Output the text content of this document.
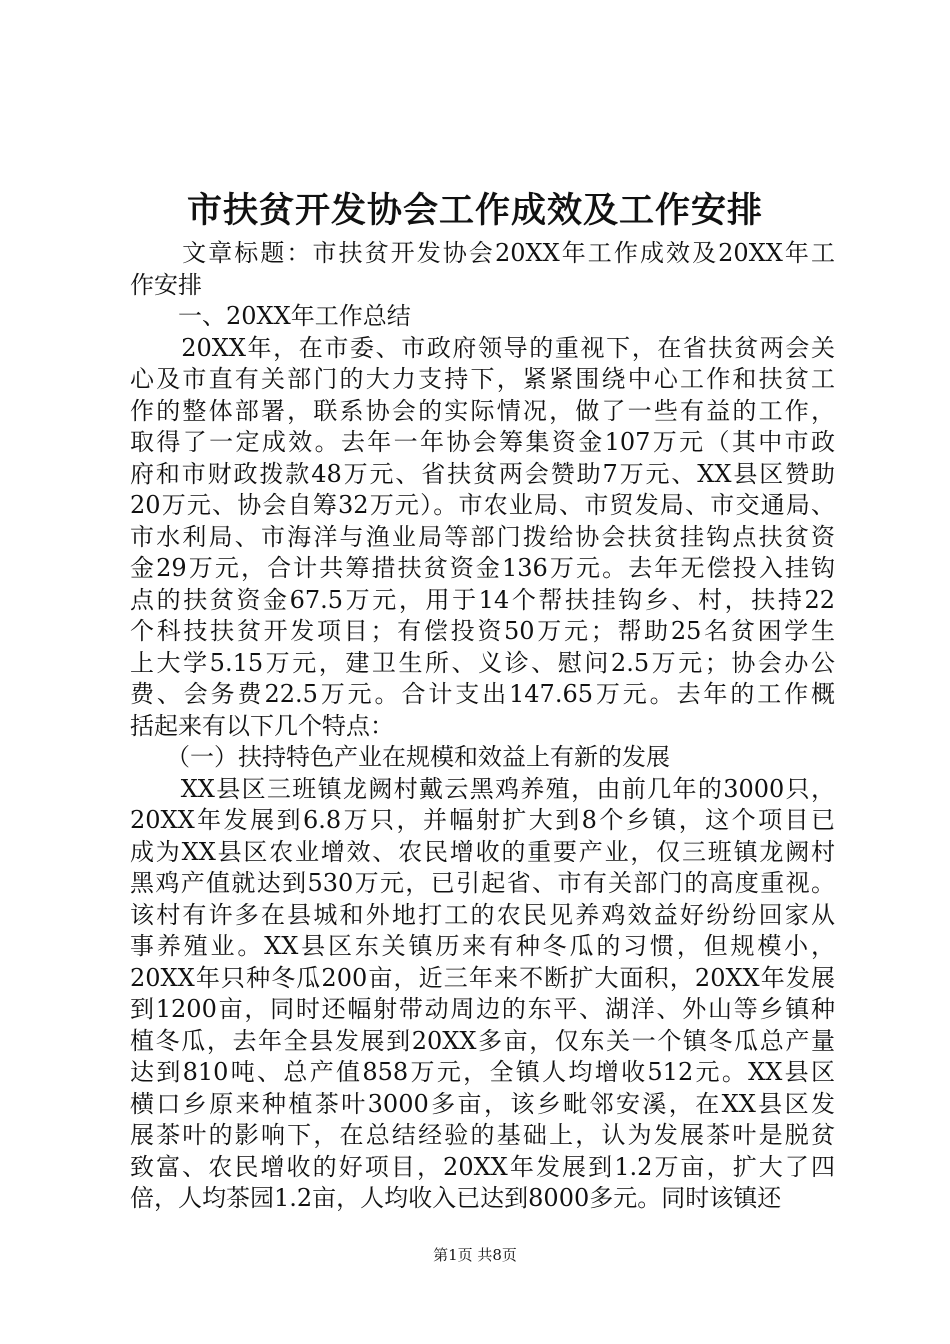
市扶贫开发协会工作成效及工作安排
　　文章标题：市扶贫开发协会20XX年工作成效及20XX年工
作安排
　　一、20XX年工作总结
　　20XX年，在市委、市政府领导的重视下，在省扶贫两会关
心及市直有关部门的大力支持下，紧紧围绕中心工作和扶贫工
作的整体部署，联系协会的实际情况，做了一些有益的工作，
取得了一定成效。去年一年协会筹集资金107万元（其中市政
府和市财政拨款48万元、省扶贫两会赞助7万元、XX县区赞助
20万元、协会自筹32万元）。市农业局、市贸发局、市交通局、
市水利局、市海洋与渔业局等部门拨给协会扶贫挂钩点扶贫资
金29万元，合计共筹措扶贫资金136万元。去年无偿投入挂钩
点的扶贫资金67.5万元，用于14个帮扶挂钩乡、村，扶持22
个科技扶贫开发项目；有偿投资50万元；帮助25名贫困学生
上大学5.15万元，建卫生所、义诊、慰问2.5万元；协会办公
费、会务费22.5万元。合计支出147.65万元。去年的工作概
括起来有以下几个特点：
　　（一）扶持特色产业在规模和效益上有新的发展
　　XX县区三班镇龙阙村戴云黑鸡养殖，由前几年的3000只，
20XX年发展到6.8万只，并幅射扩大到8个乡镇，这个项目已
成为XX县区农业增效、农民增收的重要产业，仅三班镇龙阙村
黑鸡产值就达到530万元，已引起省、市有关部门的高度重视。
该村有许多在县城和外地打工的农民见养鸡效益好纷纷回家从
事养殖业。XX县区东关镇历来有种冬瓜的习惯，但规模小，
20XX年只种冬瓜200亩，近三年来不断扩大面积，20XX年发展
到1200亩，同时还幅射带动周边的东平、湖洋、外山等乡镇种
植冬瓜，去年全县发展到20XX多亩，仅东关一个镇冬瓜总产量
达到810吨、总产值858万元，全镇人均增收512元。XX县区
横口乡原来种植茶叶3000多亩，该乡毗邻安溪，在XX县区发
展茶叶的影响下，在总结经验的基础上，认为发展茶叶是脱贫
致富、农民增收的好项目，20XX年发展到1.2万亩，扩大了四
倍，人均茶园1.2亩，人均收入已达到8000多元。同时该镇还
第1页 共8页
